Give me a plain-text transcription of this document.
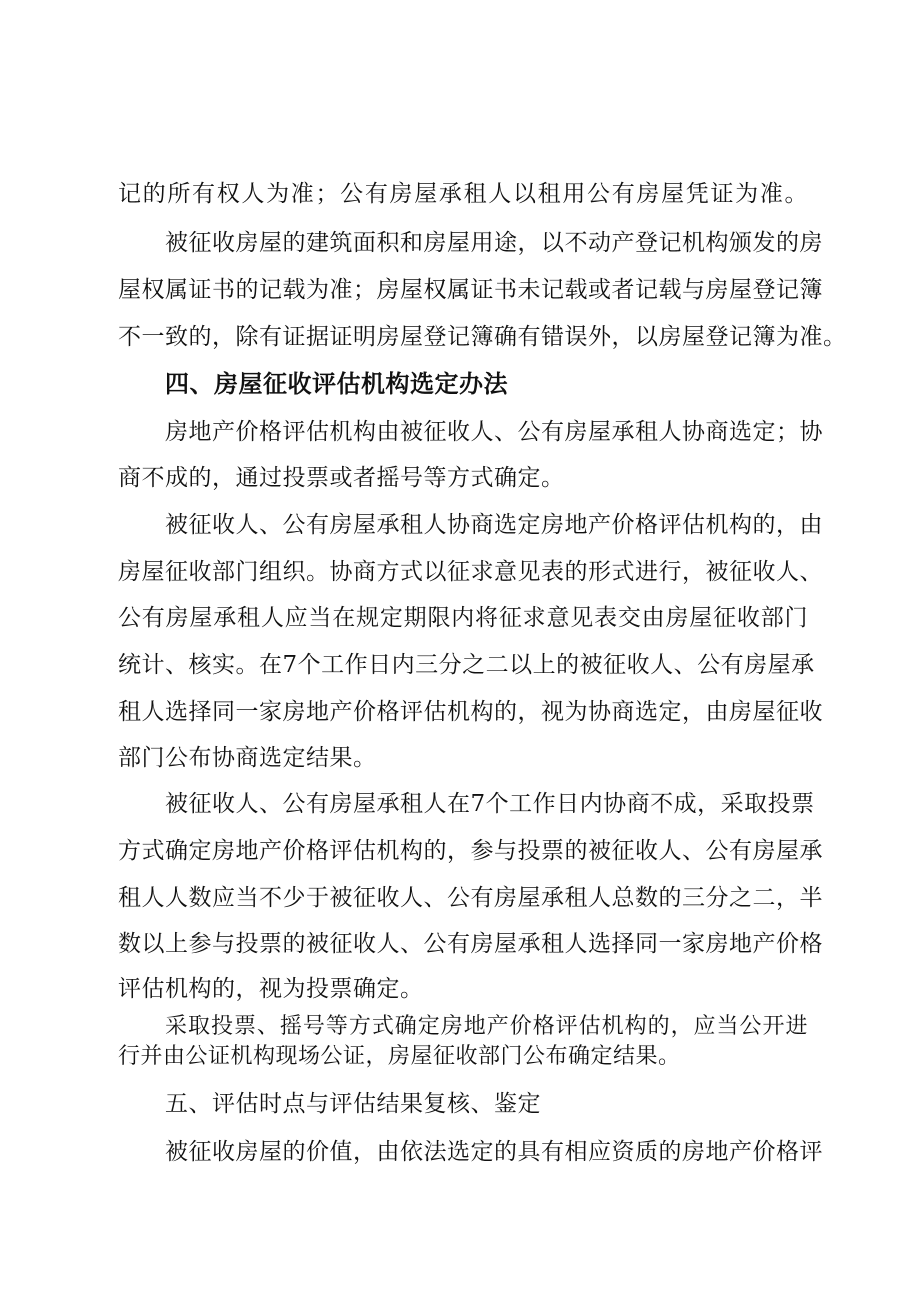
记的所有权人为准；公有房屋承租人以租用公有房屋凭证为准。

被征收房屋的建筑面积和房屋用途，以不动产登记机构颁发的房

屋权属证书的记载为准；房屋权属证书未记载或者记载与房屋登记簿

不一致的，除有证据证明房屋登记簿确有错误外，以房屋登记簿为准。

四、房屋征收评估机构选定办法

房地产价格评估机构由被征收人、公有房屋承租人协商选定；协

商不成的，通过投票或者摇号等方式确定。

被征收人、公有房屋承租人协商选定房地产价格评估机构的，由

房屋征收部门组织。协商方式以征求意见表的形式进行，被征收人、

公有房屋承租人应当在规定期限内将征求意见表交由房屋征收部门

统计、核实。在7个工作日内三分之二以上的被征收人、公有房屋承

租人选择同一家房地产价格评估机构的，视为协商选定，由房屋征收

部门公布协商选定结果。

被征收人、公有房屋承租人在7个工作日内协商不成，采取投票

方式确定房地产价格评估机构的，参与投票的被征收人、公有房屋承

租人人数应当不少于被征收人、公有房屋承租人总数的三分之二，半

数以上参与投票的被征收人、公有房屋承租人选择同一家房地产价格

评估机构的，视为投票确定。

采取投票、摇号等方式确定房地产价格评估机构的，应当公开进

行并由公证机构现场公证，房屋征收部门公布确定结果。

五、评估时点与评估结果复核、鉴定

被征收房屋的价值，由依法选定的具有相应资质的房地产价格评
